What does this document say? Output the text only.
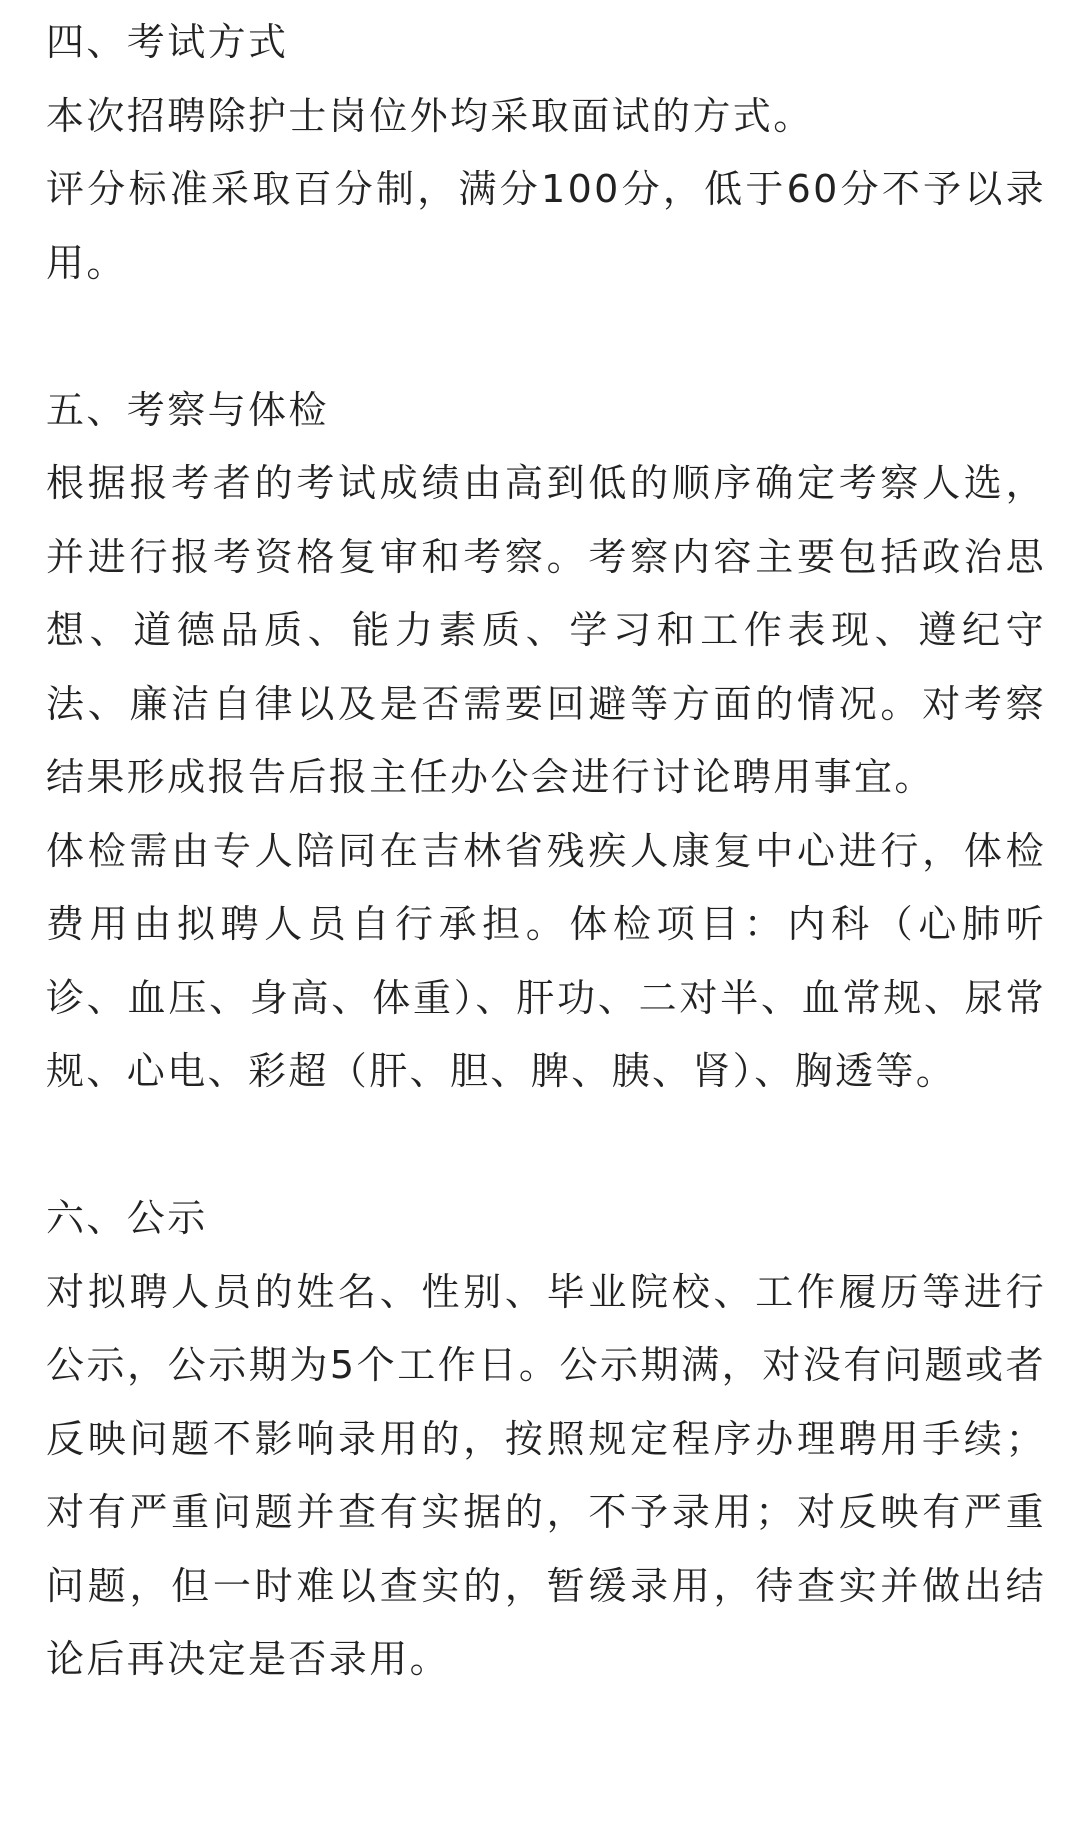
四、考试方式

本次招聘除护士岗位外均采取面试的方式。

评分标准采取百分制，满分100分，低于60分不予以录用。

五、考察与体检

根据报考者的考试成绩由高到低的顺序确定考察人选，并进行报考资格复审和考察。考察内容主要包括政治思想、道德品质、能力素质、学习和工作表现、遵纪守法、廉洁自律以及是否需要回避等方面的情况。对考察结果形成报告后报主任办公会进行讨论聘用事宜。

体检需由专人陪同在吉林省残疾人康复中心进行，体检费用由拟聘人员自行承担。体检项目：内科（心肺听诊、血压、身高、体重）、肝功、二对半、血常规、尿常规、心电、彩超（肝、胆、脾、胰、肾）、胸透等。

六、公示

对拟聘人员的姓名、性别、毕业院校、工作履历等进行公示，公示期为5个工作日。公示期满，对没有问题或者反映问题不影响录用的，按照规定程序办理聘用手续；对有严重问题并查有实据的，不予录用；对反映有严重问题，但一时难以查实的，暂缓录用，待查实并做出结论后再决定是否录用。
